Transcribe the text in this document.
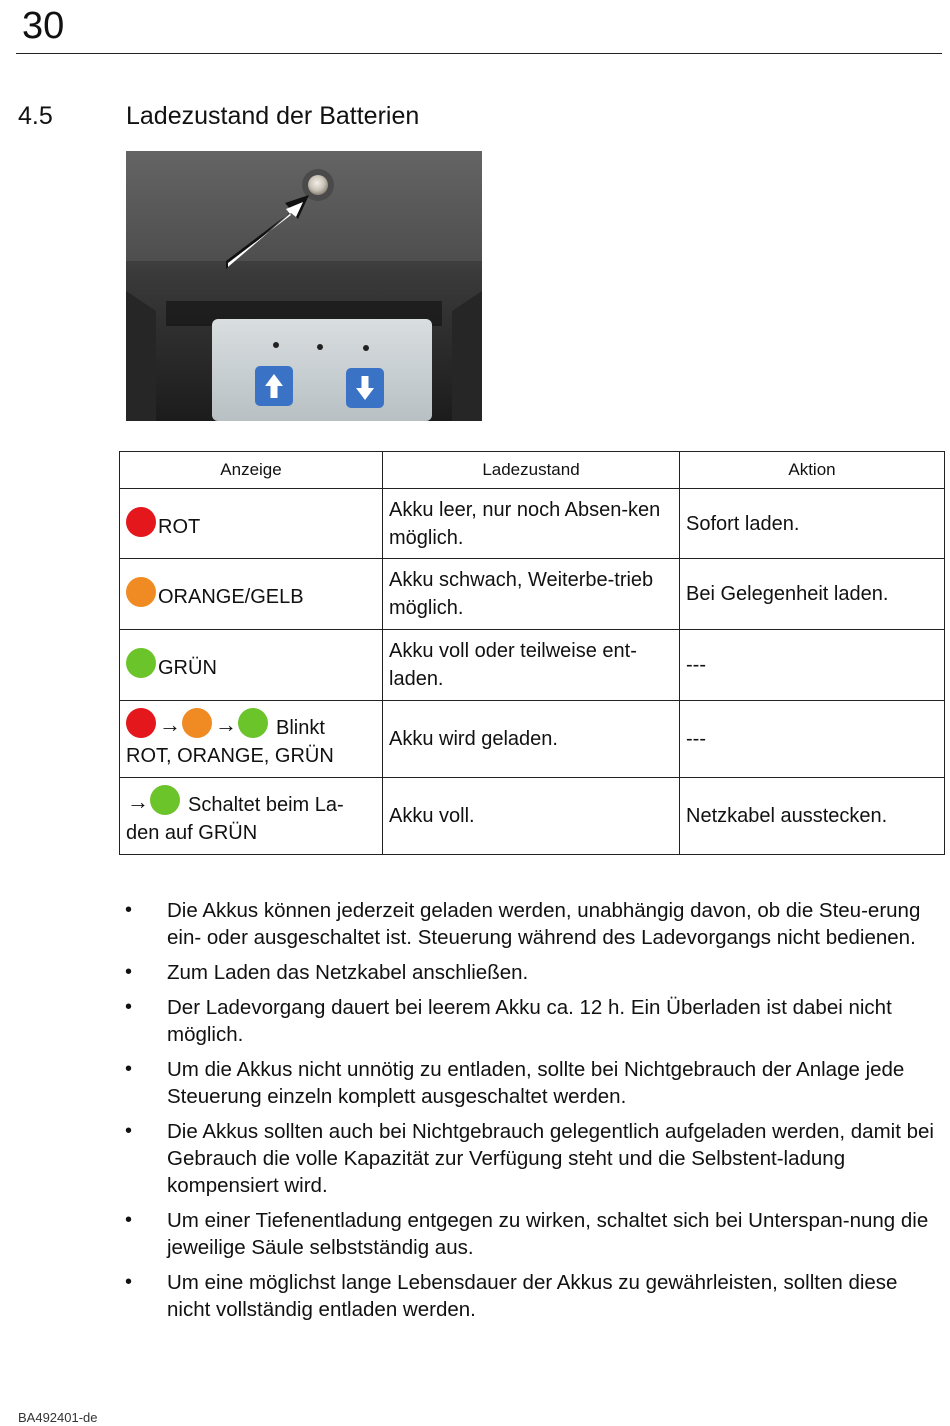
30
4.5	Ladezustand der Batterien
Anzeige	Ladezustand	Aktion
ROT	Akku leer, nur noch Absen-ken möglich.	Sofort laden.
ORANGE/GELB	Akku schwach, Weiterbe-trieb möglich.	Bei Gelegenheit laden.
GRÜN	Akku voll oder teilweise ent-laden.	---

→ → Blinkt
ROT, ORANGE, GRÜN	Akku wird geladen.	---

→ Schaltet beim La-
den auf GRÜN	Akku voll.	Netzkabel ausstecken.
• Die Akkus können jederzeit geladen werden, unabhängig davon, ob die Steu-erung ein- oder ausgeschaltet ist. Steuerung während des Ladevorgangs nicht bedienen.
• Zum Laden das Netzkabel anschließen.
• Der Ladevorgang dauert bei leerem Akku ca. 12 h. Ein Überladen ist dabei nicht möglich.
• Um die Akkus nicht unnötig zu entladen, sollte bei Nichtgebrauch der Anlage jede Steuerung einzeln komplett ausgeschaltet werden.
• Die Akkus sollten auch bei Nichtgebrauch gelegentlich aufgeladen werden, damit bei Gebrauch die volle Kapazität zur Verfügung steht und die Selbstent-ladung kompensiert wird.
• Um einer Tiefenentladung entgegen zu wirken, schaltet sich bei Unterspan-nung die jeweilige Säule selbstständig aus.
• Um eine möglichst lange Lebensdauer der Akkus zu gewährleisten, sollten diese nicht vollständig entladen werden.
BA492401-de
